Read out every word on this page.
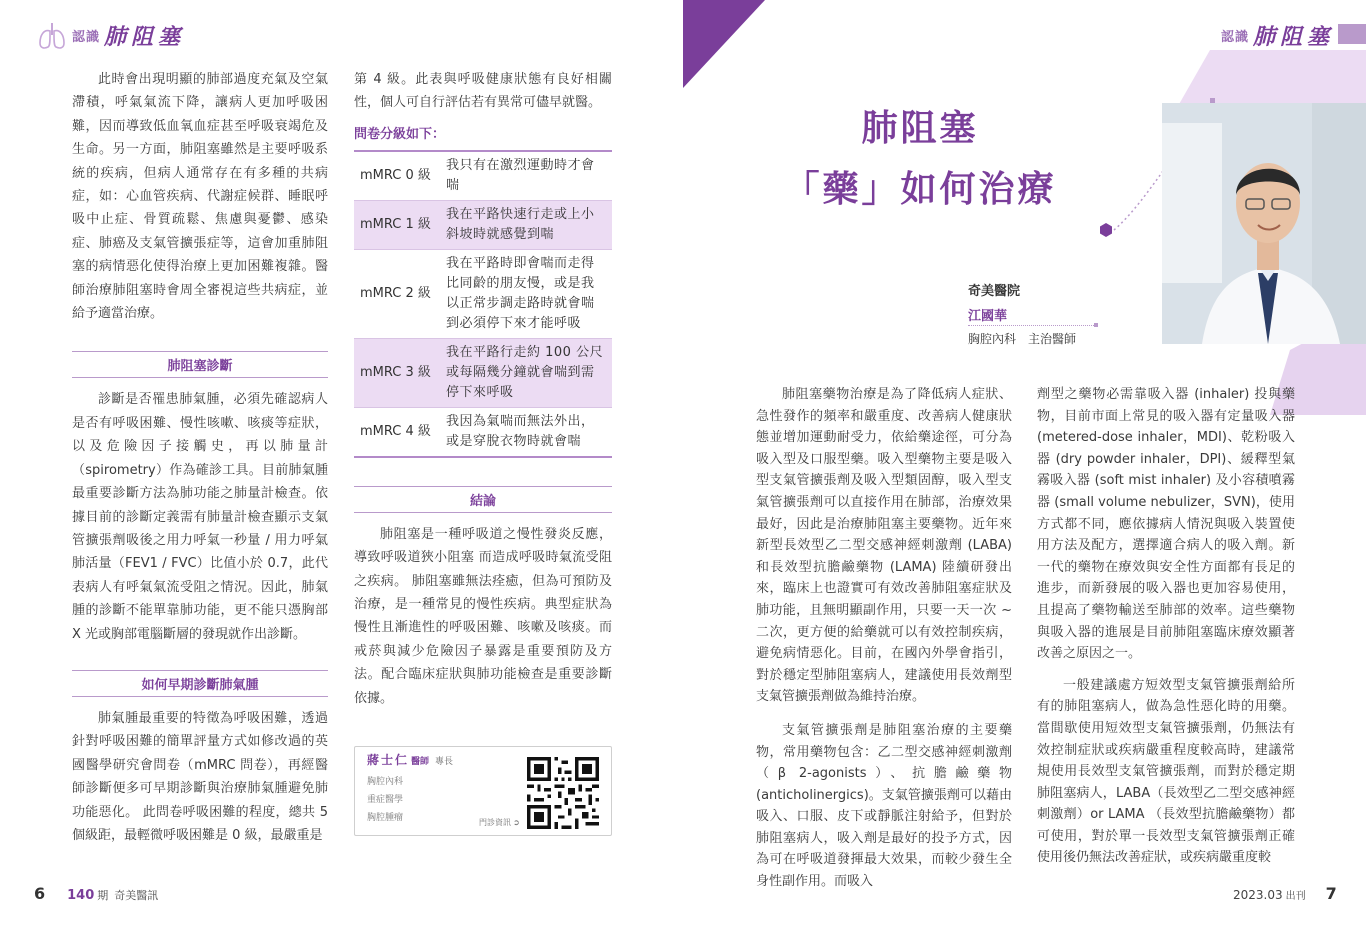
認識 肺阻塞

此時會出現明顯的肺部過度充氣及空氣滯積，呼氣氣流下降，讓病人更加呼吸困難，因而導致低血氧血症甚至呼吸衰竭危及生命。另一方面，肺阻塞雖然是主要呼吸系統的疾病，但病人通常存在有多種的共病症，如：心血管疾病、代謝症候群、睡眠呼吸中止症、骨質疏鬆、焦慮與憂鬱、感染症、肺癌及支氣管擴張症等，這會加重肺阻塞的病情惡化使得治療上更加困難複雜。醫師治療肺阻塞時會周全審視這些共病症，並給予適當治療。

肺阻塞診斷

診斷是否罹患肺氣腫，必須先確認病人是否有呼吸困難、慢性咳嗽、咳痰等症狀，以及危險因子接觸史，再以肺量計（spirometry）作為確診工具。目前肺氣腫最重要診斷方法為肺功能之肺量計檢查。依據目前的診斷定義需有肺量計檢查顯示支氣管擴張劑吸後之用力呼氣一秒量 / 用力呼氣肺活量（FEV1 / FVC）比值小於 0.7，此代表病人有呼氣氣流受阻之情況。因此，肺氣腫的診斷不能單靠肺功能，更不能只憑胸部 X 光或胸部電腦斷層的發現就作出診斷。

如何早期診斷肺氣腫

肺氣腫最重要的特徵為呼吸困難，透過針對呼吸困難的簡單評量方式如修改過的英國醫學研究會問卷（mMRC 問卷），再經醫師診斷便多可早期診斷與治療肺氣腫避免肺功能惡化。 此問卷呼吸困難的程度，總共 5 個級距，最輕微呼吸困難是 0 級，最嚴重是

第 4 級。此表與呼吸健康狀態有良好相關性，個人可自行評估若有異常可儘早就醫。

問卷分級如下：
mMRC 0 級	我只有在激烈運動時才會喘
mMRC 1 級	我在平路快速行走或上小斜坡時就感覺到喘
mMRC 2 級	我在平路時即會喘而走得比同齡的朋友慢，或是我以正常步調走路時就會喘到必須停下來才能呼吸
mMRC 3 級	我在平路行走約 100 公尺或每隔幾分鐘就會喘到需停下來呼吸
mMRC 4 級	我因為氣喘而無法外出，或是穿脫衣物時就會喘
結論

肺阻塞是一種呼吸道之慢性發炎反應，導致呼吸道狹小阻塞 而造成呼吸時氣流受阻之疾病。 肺阻塞雖無法痊癒，但為可預防及治療，是一種常見的慢性疾病。典型症狀為慢性且漸進性的呼吸困難、咳嗽及咳痰。而戒菸與減少危險因子暴露是重要預防及方法。配合臨床症狀與肺功能檢查是重要診斷依據。

蔣士仁 醫師 專長
胸腔內科
重症醫學
胸腔腫瘤	門診資訊 ➲
6 140 期 奇美醫訊
認識 肺阻塞
肺阻塞
「藥」如何治療
奇美醫院
江國華
胸腔內科　主治醫師

肺阻塞藥物治療是為了降低病人症狀、急性發作的頻率和嚴重度、改善病人健康狀態並增加運動耐受力，依給藥途徑，可分為吸入型及口服型藥。吸入型藥物主要是吸入型支氣管擴張劑及吸入型類固醇，吸入型支氣管擴張劑可以直接作用在肺部，治療效果最好，因此是治療肺阻塞主要藥物。近年來新型長效型乙二型交感神經刺激劑 (LABA) 和長效型抗膽鹼藥物 (LAMA) 陸續研發出來，臨床上也證實可有效改善肺阻塞症狀及肺功能，且無明顯副作用，只要一天一次 ~ 二次，更方便的給藥就可以有效控制疾病，避免病情惡化。目前，在國內外學會指引，對於穩定型肺阻塞病人，建議使用長效劑型支氣管擴張劑做為維持治療。

支氣管擴張劑是肺阻塞治療的主要藥物，常用藥物包含：乙二型交感神經刺激劑（β 2-agonists）、抗膽鹼藥物 (anticholinergics)。支氣管擴張劑可以藉由吸入、口服、皮下或靜脈注射給予，但對於肺阻塞病人，吸入劑是最好的投予方式，因為可在呼吸道發揮最大效果，而較少發生全身性副作用。而吸入

劑型之藥物必需靠吸入器 (inhaler) 投與藥物，目前市面上常見的吸入器有定量吸入器 (metered-dose inhaler，MDI)、乾粉吸入器 (dry powder inhaler，DPI)、緩釋型氣霧吸入器 (soft mist inhaler) 及小容積噴霧器 (small volume nebulizer，SVN)，使用方式都不同，應依據病人情況與吸入裝置使用方法及配方，選擇適合病人的吸入劑。新一代的藥物在療效與安全性方面都有長足的進步，而新發展的吸入器也更加容易使用，且提高了藥物輸送至肺部的效率。這些藥物與吸入器的進展是目前肺阻塞臨床療效顯著改善之原因之一。

一般建議處方短效型支氣管擴張劑給所有的肺阻塞病人，做為急性惡化時的用藥。當間歇使用短效型支氣管擴張劑，仍無法有效控制症狀或疾病嚴重程度較高時，建議常規使用長效型支氣管擴張劑，而對於穩定期肺阻塞病人，LABA（長效型乙二型交感神經刺激劑）or LAMA （長效型抗膽鹼藥物）都可使用，對於單一長效型支氣管擴張劑正確使用後仍無法改善症狀，或疾病嚴重度較

2023.03 出刊 7
